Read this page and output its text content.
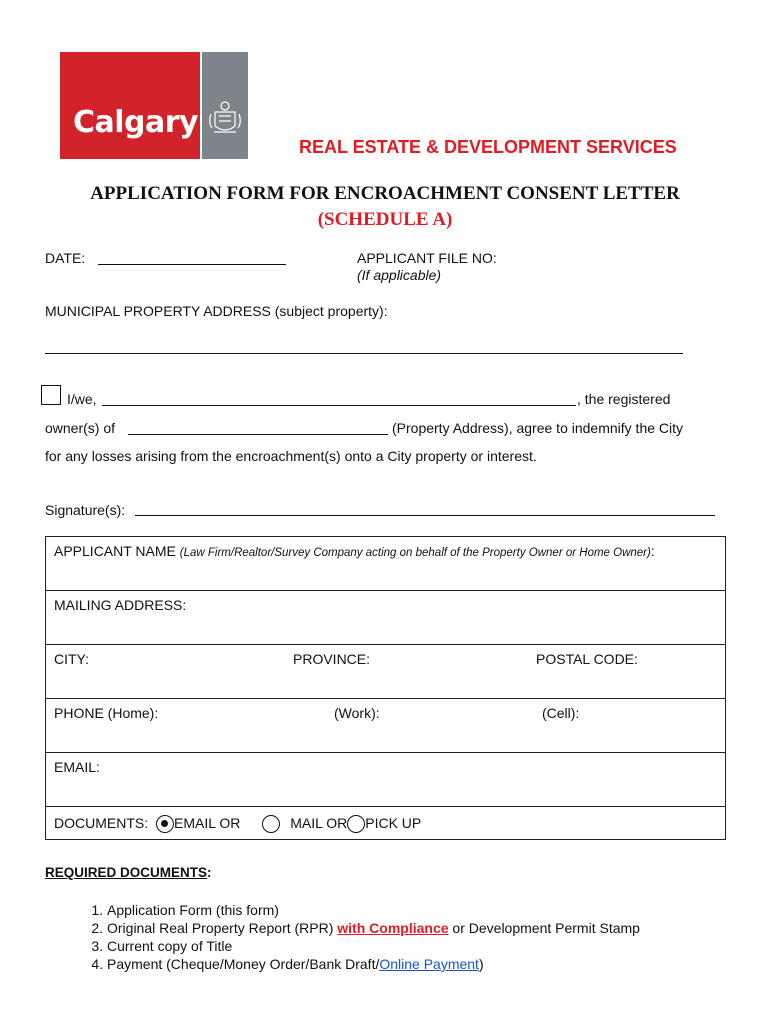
Calgary
REAL ESTATE & DEVELOPMENT SERVICES
APPLICATION FORM FOR ENCROACHMENT CONSENT LETTER
(SCHEDULE A)
DATE:	APPLICANT FILE NO:
(If applicable)
MUNICIPAL PROPERTY ADDRESS (subject property):
I/we,	, the registered
owner(s) of	(Property Address), agree to indemnify the City
for any losses arising from the encroachment(s) onto a City property or interest.
Signature(s):
APPLICANT NAME (Law Firm/Realtor/Survey Company acting on behalf of the Property Owner or Home Owner):
MAILING ADDRESS:

CITY:	PROVINCE:	POSTAL CODE:

PHONE (Home):	(Work):	(Cell):

EMAIL:
DOCUMENTS: EMAIL OR	MAIL OR PICK UP
REQUIRED DOCUMENTS:
1. Application Form (this form)
2. Original Real Property Report (RPR) with Compliance or Development Permit Stamp
3. Current copy of Title
4. Payment (Cheque/Money Order/Bank Draft/Online Payment)
